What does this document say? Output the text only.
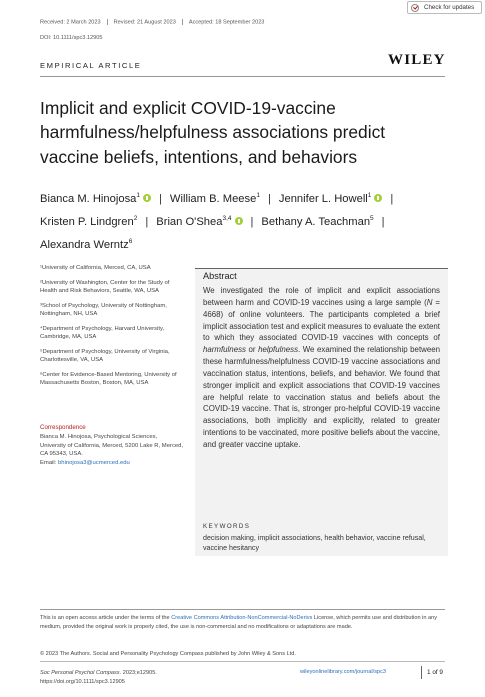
Received: 2 March 2023 Revised: 21 August 2023 Accepted: 18 September 2023
DOI: 10.1111/spc3.12905
Check for updates
EMPIRICAL ARTICLE	WILEY
Implicit and explicit COVID-19-vaccine harmfulness/helpfulness associations predict vaccine beliefs, intentions, and behaviors
Bianca M. Hinojosa$^1$ | William B. Meese$^1$ | Jennifer L. Howell$^1$ |
Kristen P. Lindgren$^2$ | Brian O'Shea$^{3,4}$ | Bethany A. Teachman$^5$ |
Alexandra Werntz$^6$

¹University of California, Merced, CA, USA

²University of Washington, Center for the Study of Health and Risk Behaviors, Seattle, WA, USA

³School of Psychology, University of Nottingham, Nottingham, NH, USA

⁴Department of Psychology, Harvard University, Cambridge, MA, USA

⁵Department of Psychology, University of Virginia, Charlottesville, VA, USA

⁶Center for Evidence-Based Mentoring, University of Massachusetts Boston, Boston, MA, USA

Correspondence
Bianca M. Hinojosa, Psychological Sciences,
University of California, Merced, 5200 Lake R, Merced, CA 95343, USA.
Email: bhinojosa3@ucmerced.edu
Abstract
We investigated the role of implicit and explicit associations between harm and COVID-19 vaccines using a large sample (N = 4668) of online volunteers. The participants completed a brief implicit association test and explicit measures to evaluate the extent to which they associated COVID-19 vaccines with concepts of harmfulness or helpfulness. We examined the relationship between these harmfulness/helpfulness COVID-19 vaccine associations and vaccination status, intentions, beliefs, and behavior. We found that stronger implicit and explicit associations that COVID-19 vaccines are helpful relate to vaccination status and beliefs about the COVID-19 vaccine. That is, stronger pro-helpful COVID-19 vaccine associations, both implicitly and explicitly, related to greater intentions to be vaccinated, more positive beliefs about the vaccine, and greater vaccine uptake.
KEYWORDS
decision making, implicit associations, health behavior, vaccine refusal, vaccine hesitancy
This is an open access article under the terms of the Creative Commons Attribution-NonCommercial-NoDerivs License, which permits use and distribution in any medium, provided the original work is properly cited, the use is non-commercial and no modifications or adaptations are made.
© 2023 The Authors. Social and Personality Psychology Compass published by John Wiley & Sons Ltd.
Soc Personal Psychol Compass. 2023;e12905.
https://doi.org/10.1111/spc3.12905
wileyonlinelibrary.com/journal/spc3	1 of 9
